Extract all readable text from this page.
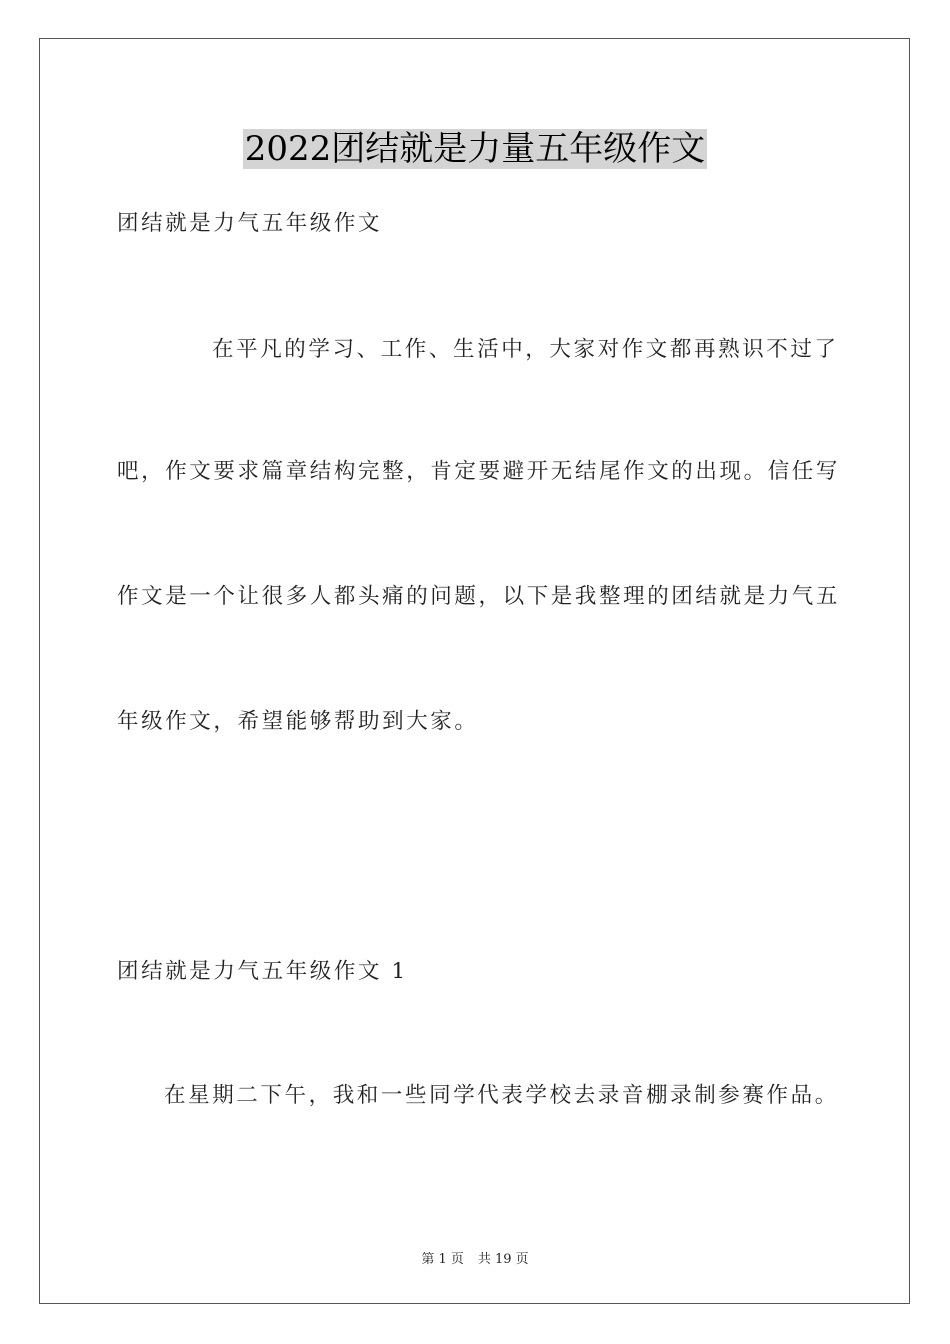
2022团结就是力量五年级作文
团结就是力气五年级作文
在平凡的学习、工作、生活中，大家对作文都再熟识不过了
吧，作文要求篇章结构完整，肯定要避开无结尾作文的出现。信任写
作文是一个让很多人都头痛的问题，以下是我整理的团结就是力气五
年级作文，希望能够帮助到大家。
团结就是力气五年级作文 1
在星期二下午，我和一些同学代表学校去录音棚录制参赛作品。
第 1 页 共 19 页
